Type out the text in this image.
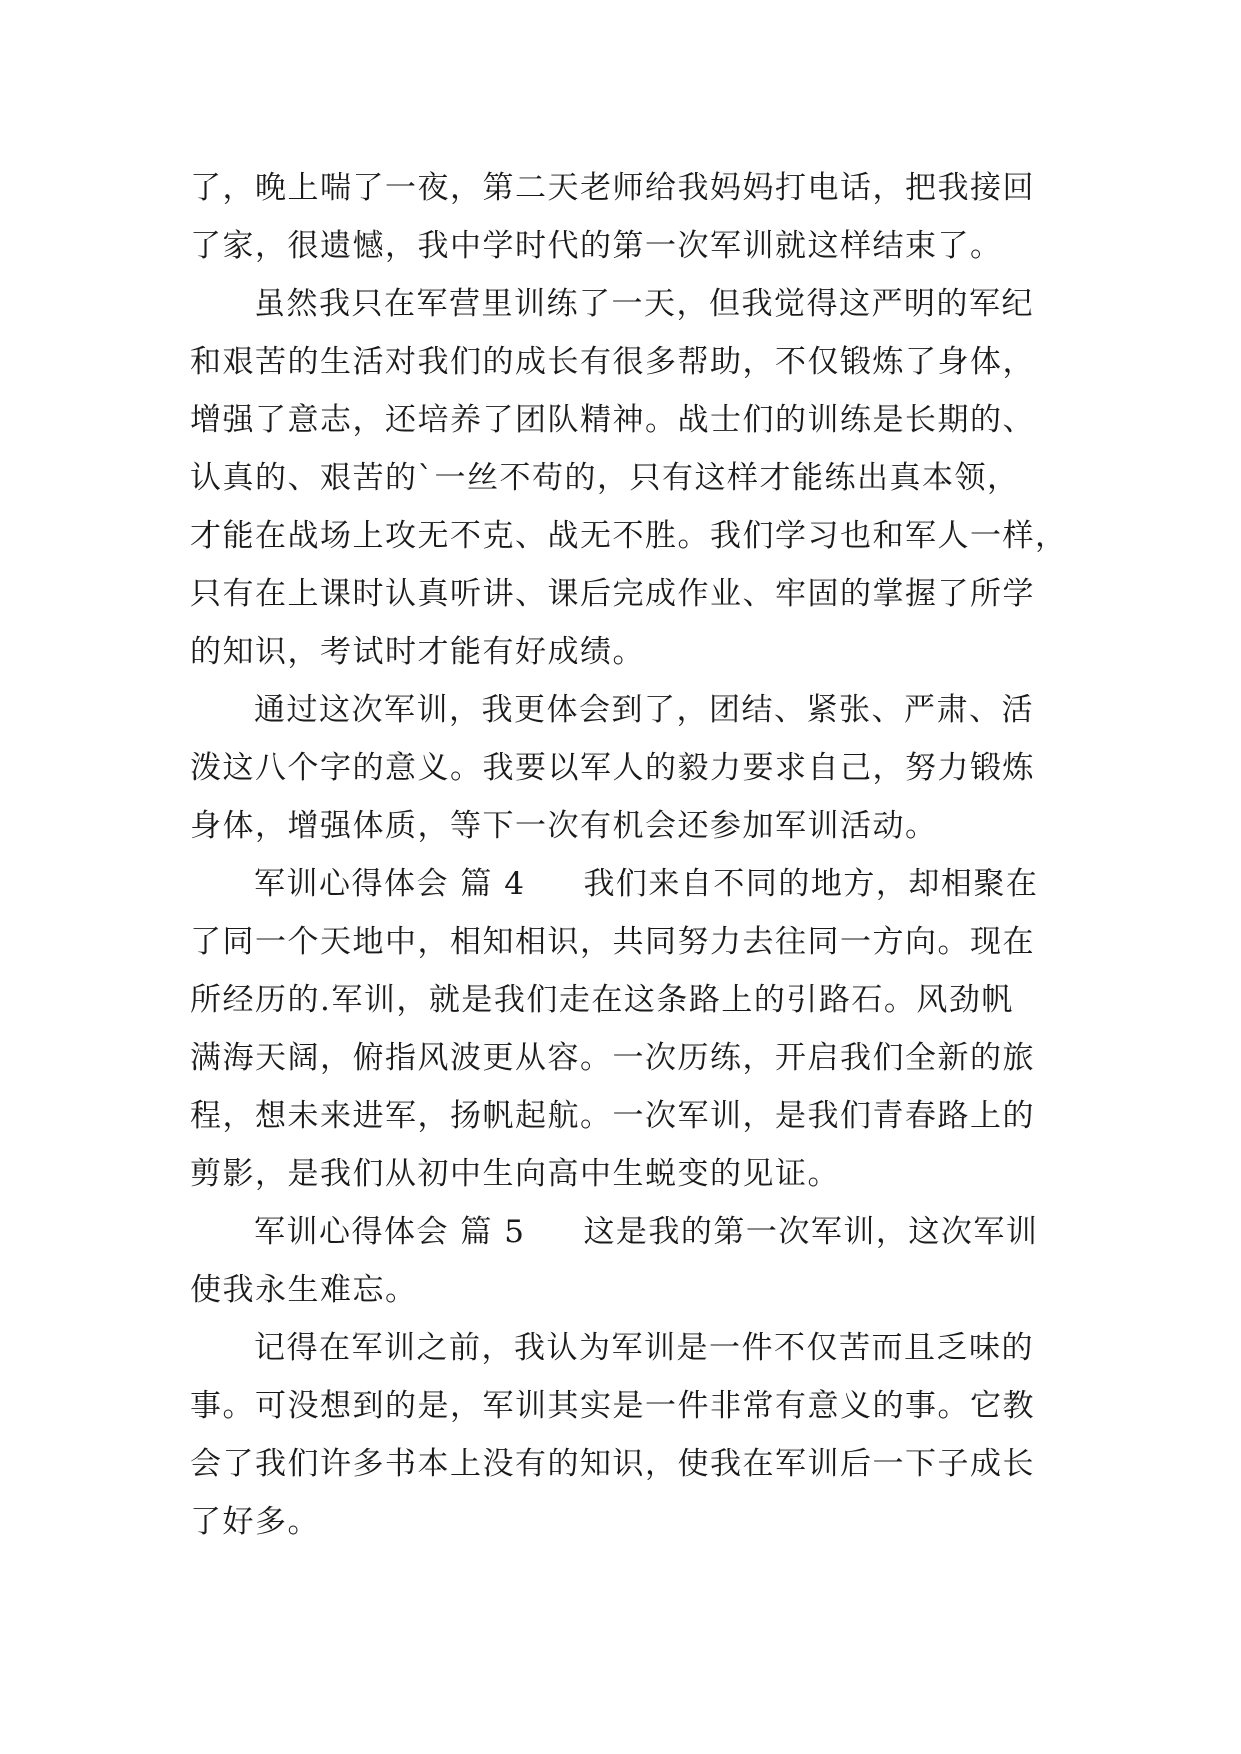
了，晚上喘了一夜，第二天老师给我妈妈打电话，把我接回
了家，很遗憾，我中学时代的第一次军训就这样结束了。
虽然我只在军营里训练了一天，但我觉得这严明的军纪
和艰苦的生活对我们的成长有很多帮助，不仅锻炼了身体，
增强了意志，还培养了团队精神。战士们的训练是长期的、
认真的、艰苦的`一丝不苟的，只有这样才能练出真本领，
才能在战场上攻无不克、战无不胜。我们学习也和军人一样，
只有在上课时认真听讲、课后完成作业、牢固的掌握了所学
的知识，考试时才能有好成绩。
通过这次军训，我更体会到了，团结、紧张、严肃、活
泼这八个字的意义。我要以军人的毅力要求自己，努力锻炼
身体，增强体质，等下一次有机会还参加军训活动。
军训心得体会 篇 4 我们来自不同的地方，却相聚在
了同一个天地中，相知相识，共同努力去往同一方向。现在
所经历的.军训，就是我们走在这条路上的引路石。风劲帆
满海天阔，俯指风波更从容。一次历练，开启我们全新的旅
程，想未来进军，扬帆起航。一次军训，是我们青春路上的
剪影，是我们从初中生向高中生蜕变的见证。
军训心得体会 篇 5 这是我的第一次军训，这次军训
使我永生难忘。
记得在军训之前，我认为军训是一件不仅苦而且乏味的
事。可没想到的是，军训其实是一件非常有意义的事。它教
会了我们许多书本上没有的知识，使我在军训后一下子成长
了好多。
